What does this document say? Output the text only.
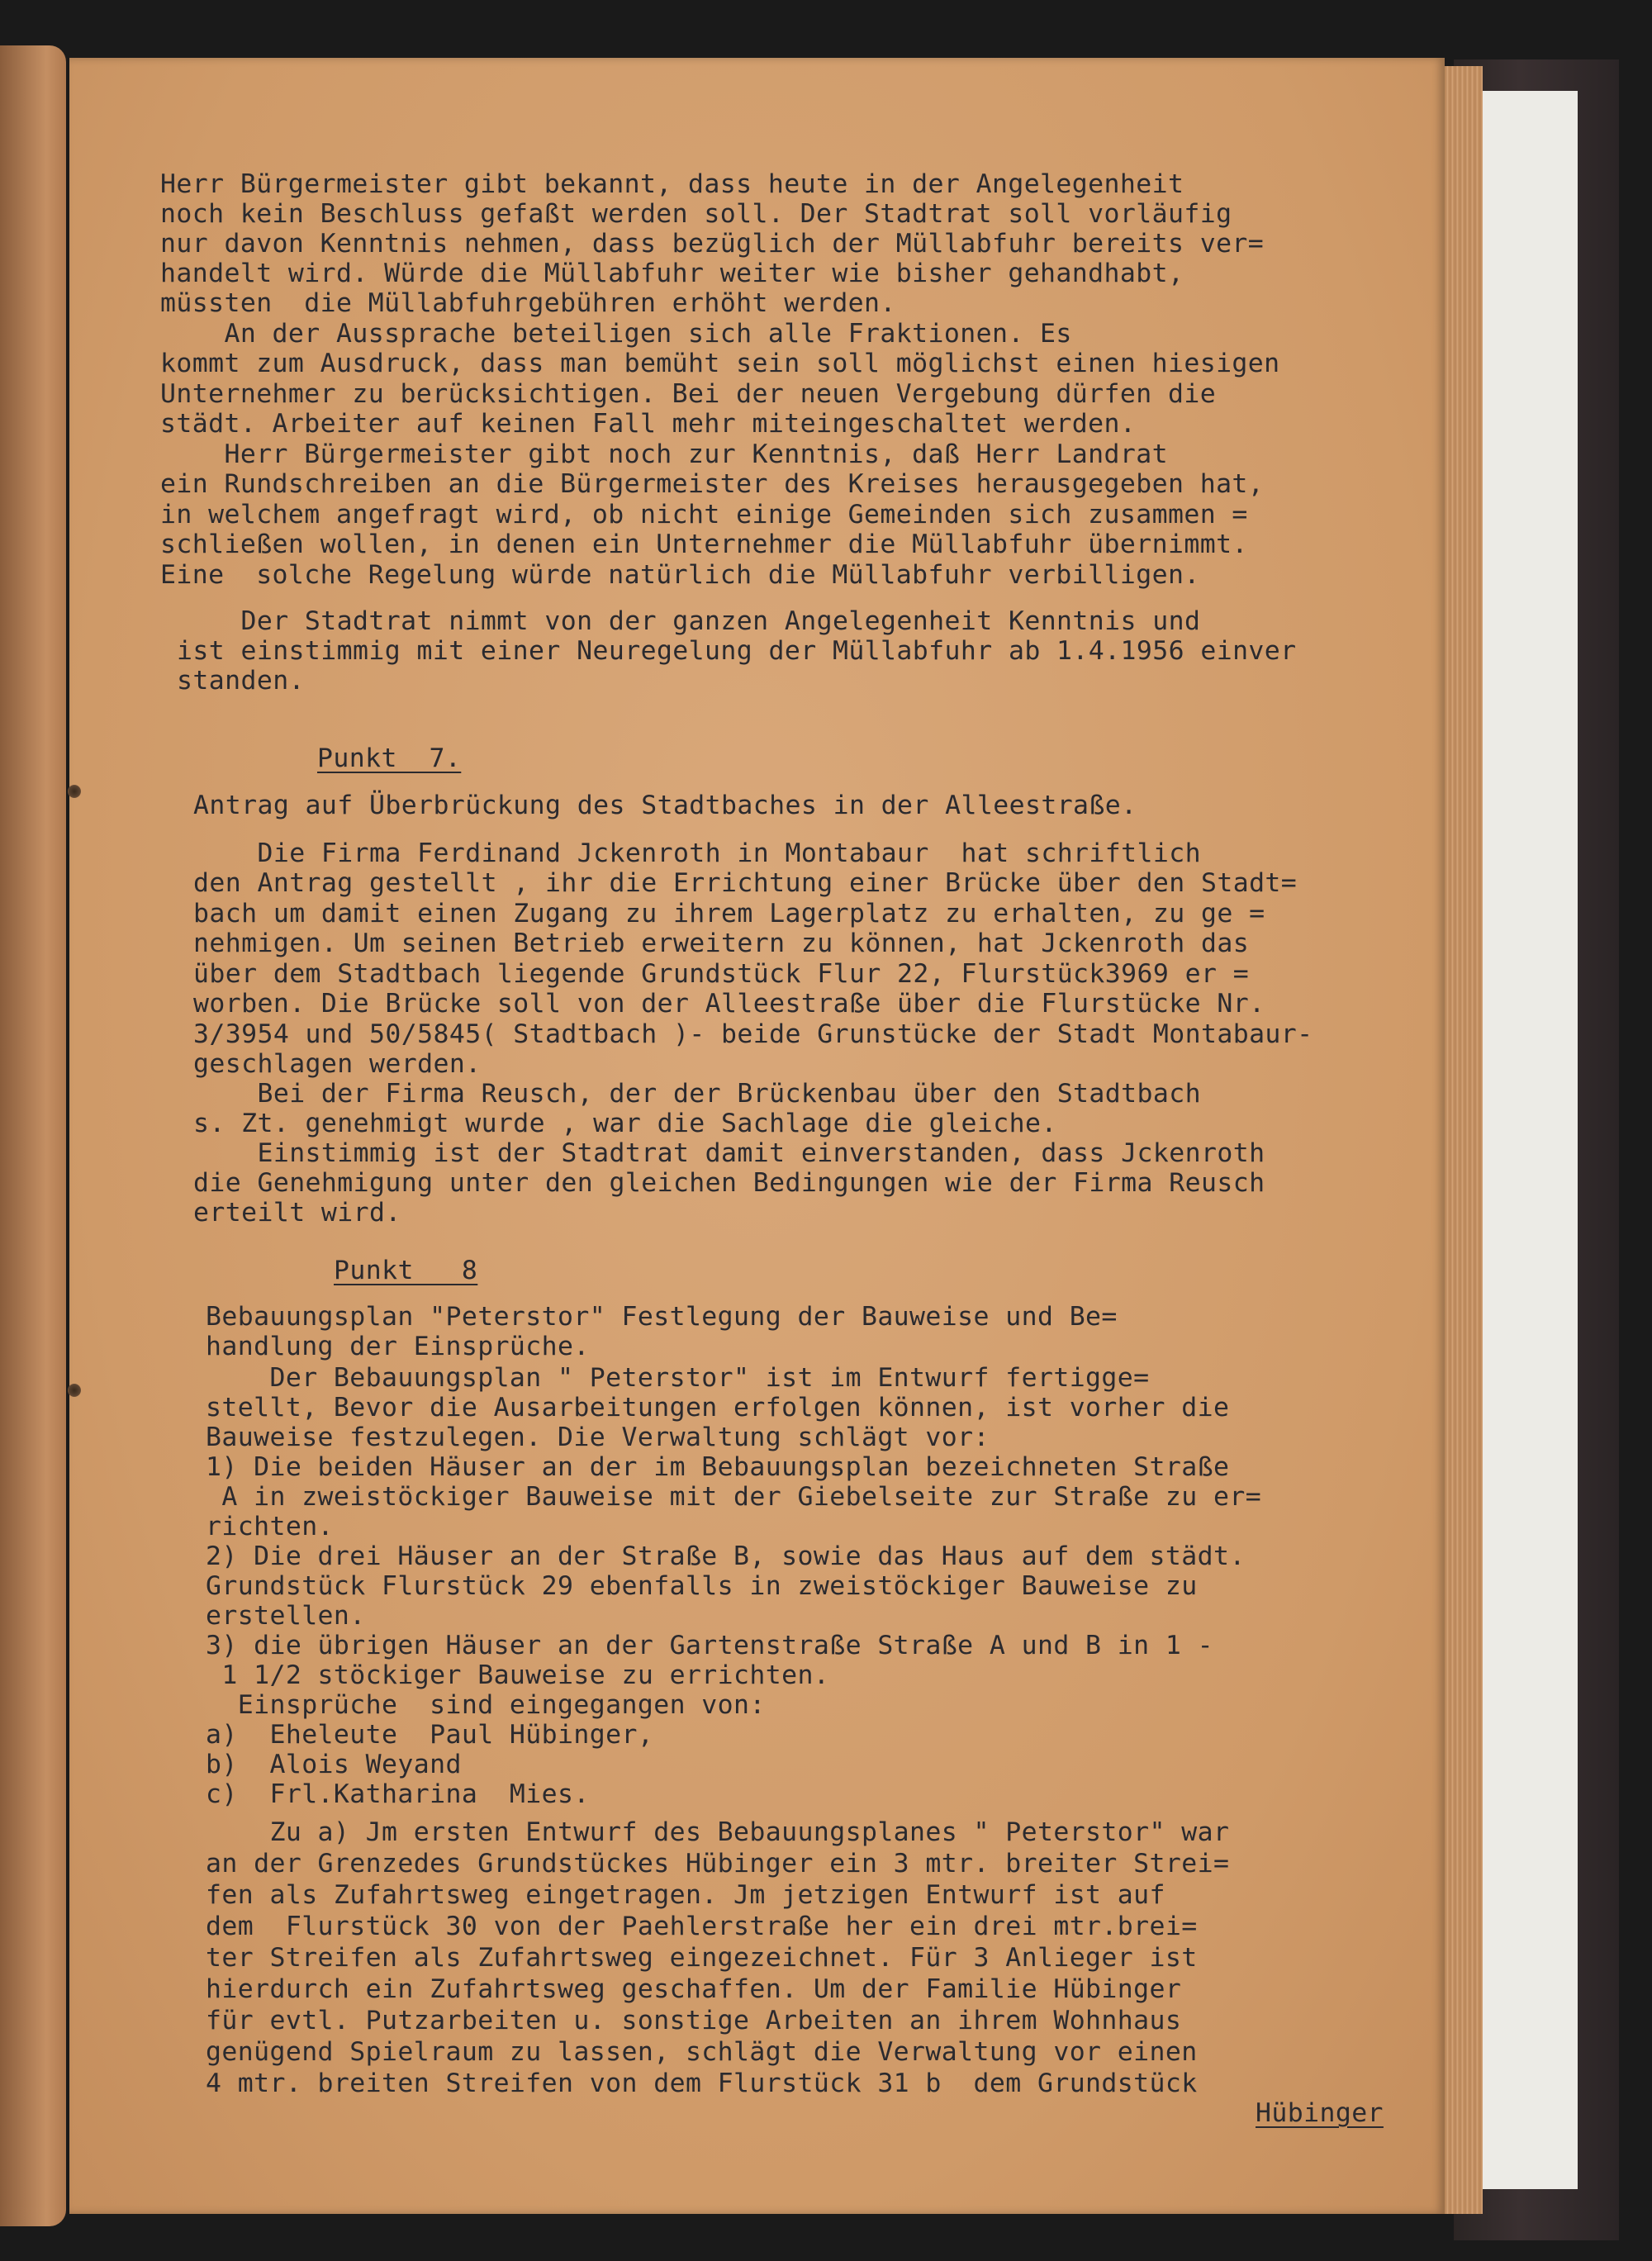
Herr Bürgermeister gibt bekannt, dass heute in der Angelegenheit
noch kein Beschluss gefaßt werden soll. Der Stadtrat soll vorläufig
nur davon Kenntnis nehmen, dass bezüglich der Müllabfuhr bereits ver=
handelt wird. Würde die Müllabfuhr weiter wie bisher gehandhabt,
müssten  die Müllabfuhrgebühren erhöht werden.
An der Aussprache beteiligen sich alle Fraktionen. Es
kommt zum Ausdruck, dass man bemüht sein soll möglichst einen hiesigen
Unternehmer zu berücksichtigen. Bei der neuen Vergebung dürfen die
städt. Arbeiter auf keinen Fall mehr miteingeschaltet werden.
Herr Bürgermeister gibt noch zur Kenntnis, daß Herr Landrat
ein Rundschreiben an die Bürgermeister des Kreises herausgegeben hat,
in welchem angefragt wird, ob nicht einige Gemeinden sich zusammen =
schließen wollen, in denen ein Unternehmer die Müllabfuhr übernimmt.
Eine  solche Regelung würde natürlich die Müllabfuhr verbilligen.
Der Stadtrat nimmt von der ganzen Angelegenheit Kenntnis und
ist einstimmig mit einer Neuregelung der Müllabfuhr ab 1.4.1956 einver
standen.
Punkt  7.
Antrag auf Überbrückung des Stadtbaches in der Alleestraße.
Die Firma Ferdinand Jckenroth in Montabaur  hat schriftlich
den Antrag gestellt , ihr die Errichtung einer Brücke über den Stadt=
bach um damit einen Zugang zu ihrem Lagerplatz zu erhalten, zu ge =
nehmigen. Um seinen Betrieb erweitern zu können, hat Jckenroth das
über dem Stadtbach liegende Grundstück Flur 22, Flurstück3969 er =
worben. Die Brücke soll von der Alleestraße über die Flurstücke Nr.
3/3954 und 50/5845( Stadtbach )- beide Grunstücke der Stadt Montabaur-
geschlagen werden.
Bei der Firma Reusch, der der Brückenbau über den Stadtbach
s. Zt. genehmigt wurde , war die Sachlage die gleiche.
Einstimmig ist der Stadtrat damit einverstanden, dass Jckenroth
die Genehmigung unter den gleichen Bedingungen wie der Firma Reusch
erteilt wird.
Punkt   8
Bebauungsplan "Peterstor" Festlegung der Bauweise und Be=
handlung der Einsprüche.
Der Bebauungsplan " Peterstor" ist im Entwurf fertigge=
stellt, Bevor die Ausarbeitungen erfolgen können, ist vorher die
Bauweise festzulegen. Die Verwaltung schlägt vor:
1) Die beiden Häuser an der im Bebauungsplan bezeichneten Straße
A in zweistöckiger Bauweise mit der Giebelseite zur Straße zu er=
richten.
2) Die drei Häuser an der Straße B, sowie das Haus auf dem städt.
Grundstück Flurstück 29 ebenfalls in zweistöckiger Bauweise zu
erstellen.
3) die übrigen Häuser an der Gartenstraße Straße A und B in 1 -
1 1/2 stöckiger Bauweise zu errichten.
Einsprüche  sind eingegangen von:
a)  Eheleute  Paul Hübinger,
b)  Alois Weyand
c)  Frl.Katharina  Mies.
Zu a) Jm ersten Entwurf des Bebauungsplanes " Peterstor" war
an der Grenzedes Grundstückes Hübinger ein 3 mtr. breiter Strei=
fen als Zufahrtsweg eingetragen. Jm jetzigen Entwurf ist auf
dem  Flurstück 30 von der Paehlerstraße her ein drei mtr.brei=
ter Streifen als Zufahrtsweg eingezeichnet. Für 3 Anlieger ist
hierdurch ein Zufahrtsweg geschaffen. Um der Familie Hübinger
für evtl. Putzarbeiten u. sonstige Arbeiten an ihrem Wohnhaus
genügend Spielraum zu lassen, schlägt die Verwaltung vor einen
4 mtr. breiten Streifen von dem Flurstück 31 b  dem Grundstück
Hübinger
